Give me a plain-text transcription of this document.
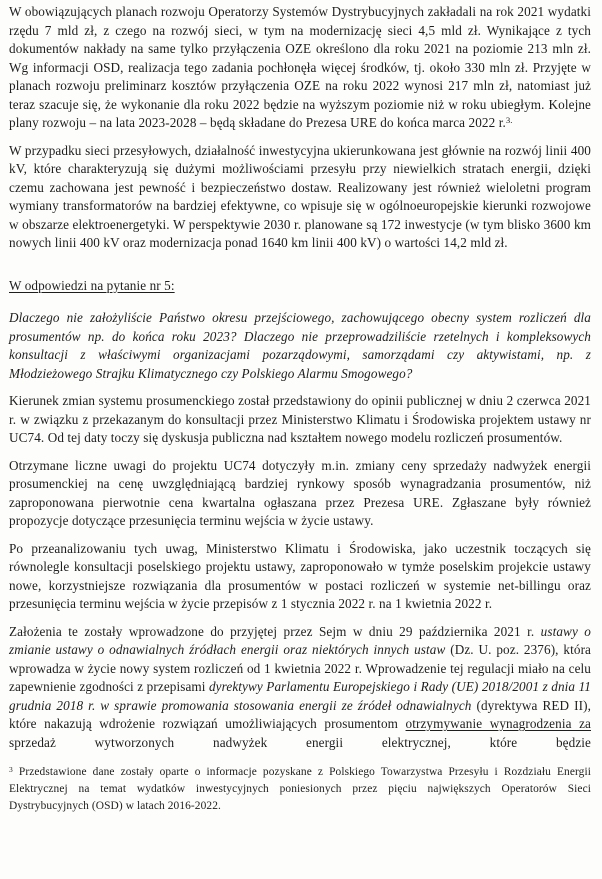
W obowiązujących planach rozwoju Operatorzy Systemów Dystrybucyjnych zakładali na rok 2021 wydatki rzędu 7 mld zł, z czego na rozwój sieci, w tym na modernizację sieci 4,5 mld zł. Wynikające z tych dokumentów nakłady na same tylko przyłączenia OZE określono dla roku 2021 na poziomie 213 mln zł. Wg informacji OSD, realizacja tego zadania pochłonęła więcej środków, tj. około 330 mln zł. Przyjęte w planach rozwoju preliminarz kosztów przyłączenia OZE na roku 2022 wynosi 217 mln zł, natomiast już teraz szacuje się, że wykonanie dla roku 2022 będzie na wyższym poziomie niż w roku ubiegłym. Kolejne plany rozwoju – na lata 2023-2028 – będą składane do Prezesa URE do końca marca 2022 r.$^{3.}$

W przypadku sieci przesyłowych, działalność inwestycyjna ukierunkowana jest głównie na rozwój linii 400 kV, które charakteryzują się dużymi możliwościami przesyłu przy niewielkich stratach energii, dzięki czemu zachowana jest pewność i bezpieczeństwo dostaw. Realizowany jest również wieloletni program wymiany transformatorów na bardziej efektywne, co wpisuje się w ogólnoeuropejskie kierunki rozwojowe w obszarze elektroenergetyki. W perspektywie 2030 r. planowane są 172 inwestycje (w tym blisko 3600 km nowych linii 400 kV oraz modernizacja ponad 1640 km linii 400 kV) o wartości 14,2 mld zł.

W odpowiedzi na pytanie nr 5:

Dlaczego nie założyliście Państwo okresu przejściowego, zachowującego obecny system rozliczeń dla prosumentów np. do końca roku 2023? Dlaczego nie przeprowadziliście rzetelnych i kompleksowych konsultacji z właściwymi organizacjami pozarządowymi, samorządami czy aktywistami, np. z Młodzieżowego Strajku Klimatycznego czy Polskiego Alarmu Smogowego?

Kierunek zmian systemu prosumenckiego został przedstawiony do opinii publicznej w dniu 2 czerwca 2021 r. w związku z przekazanym do konsultacji przez Ministerstwo Klimatu i Środowiska projektem ustawy nr UC74. Od tej daty toczy się dyskusja publiczna nad kształtem nowego modelu rozliczeń prosumentów.

Otrzymane liczne uwagi do projektu UC74 dotyczyły m.in. zmiany ceny sprzedaży nadwyżek energii prosumenckiej na cenę uwzględniającą bardziej rynkowy sposób wynagradzania prosumentów, niż zaproponowana pierwotnie cena kwartalna ogłaszana przez Prezesa URE. Zgłaszane były również propozycje dotyczące przesunięcia terminu wejścia w życie ustawy.

Po przeanalizowaniu tych uwag, Ministerstwo Klimatu i Środowiska, jako uczestnik toczących się równolegle konsultacji poselskiego projektu ustawy, zaproponowało w tymże poselskim projekcie ustawy nowe, korzystniejsze rozwiązania dla prosumentów w postaci rozliczeń w systemie net-billingu oraz przesunięcia terminu wejścia w życie przepisów z 1 stycznia 2022 r. na 1 kwietnia 2022 r.

Założenia te zostały wprowadzone do przyjętej przez Sejm w dniu 29 października 2021 r. ustawy o zmianie ustawy o odnawialnych źródłach energii oraz niektórych innych ustaw (Dz. U. poz. 2376), która wprowadza w życie nowy system rozliczeń od 1 kwietnia 2022 r. Wprowadzenie tej regulacji miało na celu zapewnienie zgodności z przepisami dyrektywy Parlamentu Europejskiego i Rady (UE) 2018/2001 z dnia 11 grudnia 2018 r. w sprawie promowania stosowania energii ze źródeł odnawialnych (dyrektywa RED II), które nakazują wdrożenie rozwiązań umożliwiających prosumentom otrzymywanie wynagrodzenia za sprzedaż wytworzonych nadwyżek energii elektrycznej, które będzie

$^3$ Przedstawione dane zostały oparte o informacje pozyskane z Polskiego Towarzystwa Przesyłu i Rozdziału Energii Elektrycznej na temat wydatków inwestycyjnych poniesionych przez pięciu największych Operatorów Sieci Dystrybucyjnych (OSD) w latach 2016-2022.
